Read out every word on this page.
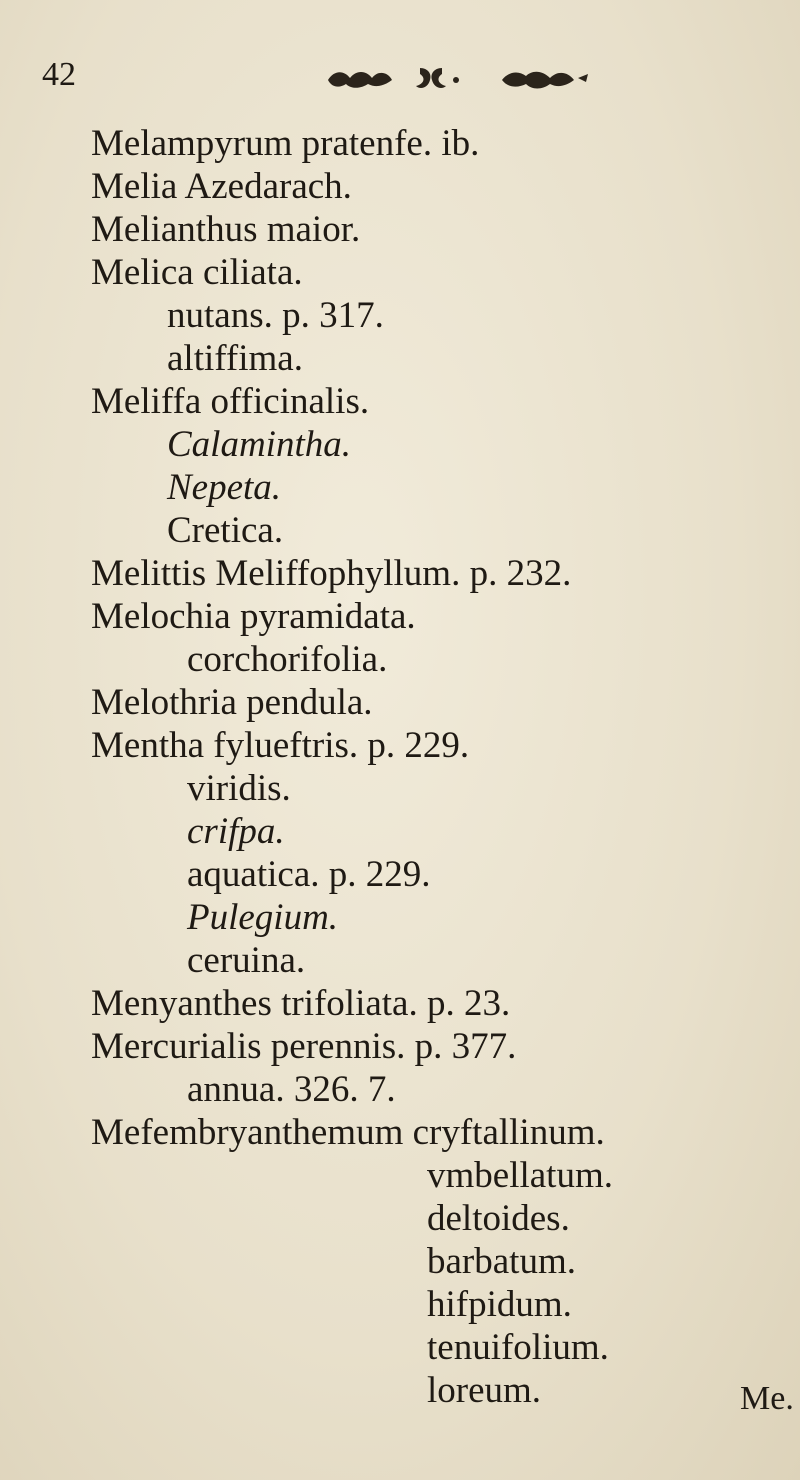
42
Melampyrum pratenfe. ib.
Melia Azedarach.
Melianthus maior.
Melica ciliata.
nutans. p. 317.
altiffima.
Meliffa officinalis.
Calamintha.
Nepeta.
Cretica.
Melittis Meliffophyllum. p. 232.
Melochia pyramidata.
corchorifolia.
Melothria pendula.
Mentha fylueftris. p. 229.
viridis.
crifpa.
aquatica. p. 229.
Pulegium.
ceruina.
Menyanthes trifoliata. p. 23.
Mercurialis perennis. p. 377.
annua. 326. 7.
Mefembryanthemum cryftallinum.
vmbellatum.
deltoides.
barbatum.
hifpidum.
tenuifolium.
loreum.	Me.
